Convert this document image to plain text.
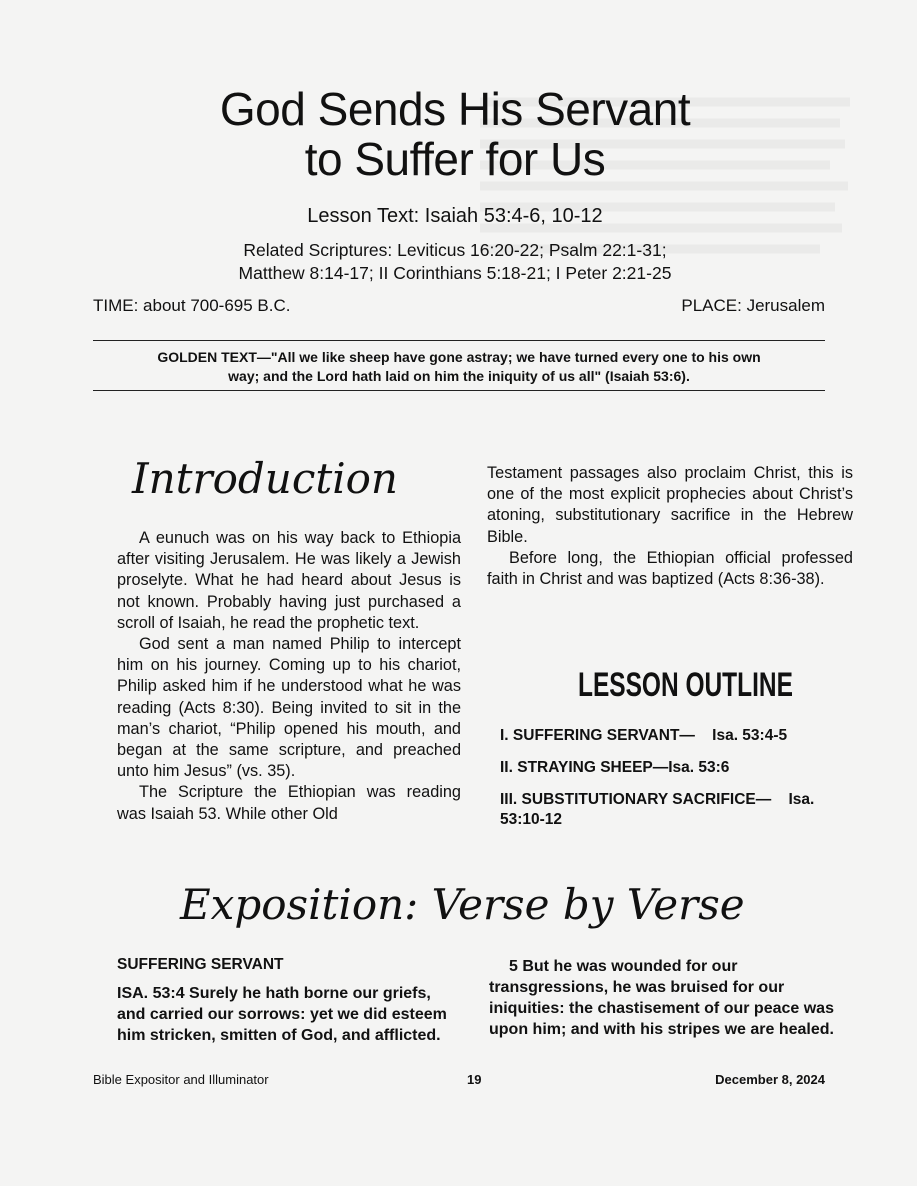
God Sends His Servant
to Suffer for Us
Lesson Text: Isaiah 53:4-6, 10-12
Related Scriptures: Leviticus 16:20-22; Psalm 22:1-31;
Matthew 8:14-17; II Corinthians 5:18-21; I Peter 2:21-25
TIME: about 700-695 B.C.	PLACE: Jerusalem
GOLDEN TEXT—"All we like sheep have gone astray; we have turned every one to his own
way; and the Lord hath laid on him the iniquity of us all" (Isaiah 53:6).
Introduction

A eunuch was on his way back to Ethiopia after visiting Jerusalem. He was likely a Jewish proselyte. What he had heard about Jesus is not known. Probably having just purchased a scroll of Isaiah, he read the prophetic text.

God sent a man named Philip to intercept him on his journey. Coming up to his chariot, Philip asked him if he understood what he was reading (Acts 8:30). Being invited to sit in the man’s chariot, “Philip opened his mouth, and began at the same scripture, and preached unto him Jesus” (vs. 35).

The Scripture the Ethiopian was reading was Isaiah 53. While other Old

Testament passages also proclaim Christ, this is one of the most explicit prophecies about Christ’s atoning, substitutionary sacrifice in the Hebrew Bible.

Before long, the Ethiopian official professed faith in Christ and was baptized (Acts 8:36-38).

LESSON OUTLINE
I. SUFFERING SERVANT—    Isa. 53:4-5
II. STRAYING SHEEP—Isa. 53:6
III. SUBSTITUTIONARY SACRIFICE—    Isa. 53:10-12
Exposition: Verse by Verse
SUFFERING SERVANT
ISA. 53:4 Surely he hath borne our griefs, and carried our sorrows: yet we did esteem him stricken, smitten of God, and afflicted.
5 But he was wounded for our transgressions, he was bruised for our iniquities: the chastisement of our peace was upon him; and with his stripes we are healed.
Bible Expositor and Illuminator	19	December 8, 2024
